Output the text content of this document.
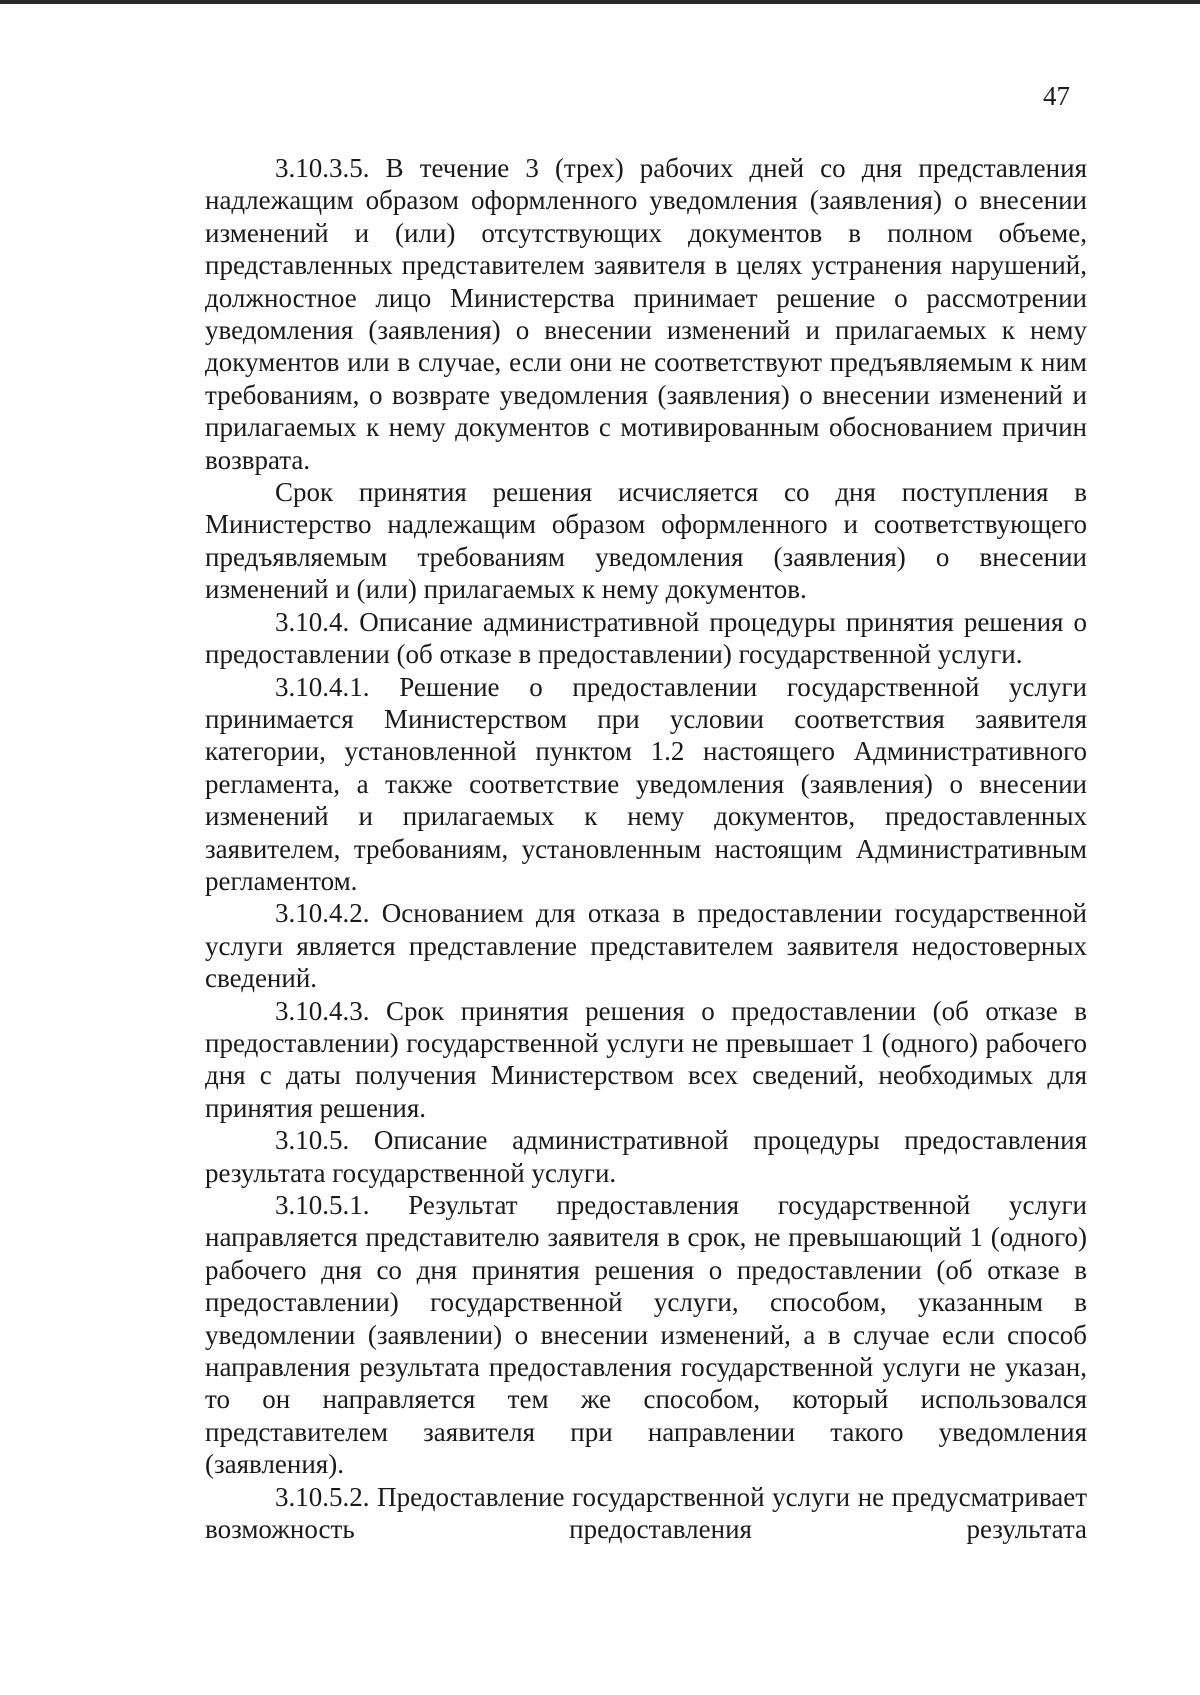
47

3.10.3.5. В течение 3 (трех) рабочих дней со дня представления надлежащим образом оформленного уведомления (заявления) о внесении изменений и (или) отсутствующих документов в полном объеме, представленных представителем заявителя в целях устранения нарушений, должностное лицо Министерства принимает решение о рассмотрении уведомления (заявления) о внесении изменений и прилагаемых к нему документов или в случае, если они не соответствуют предъявляемым к ним требованиям, о возврате уведомления (заявления) о внесении изменений и прилагаемых к нему документов с мотивированным обоснованием причин возврата.

Срок принятия решения исчисляется со дня поступления в Министерство надлежащим образом оформленного и соответствующего предъявляемым требованиям уведомления (заявления) о внесении изменений и (или) прилагаемых к нему документов.

3.10.4. Описание административной процедуры принятия решения о предоставлении (об отказе в предоставлении) государственной услуги.

3.10.4.1. Решение о предоставлении государственной услуги принимается Министерством при условии соответствия заявителя категории, установленной пунктом 1.2 настоящего Административного регламента, а также соответствие уведомления (заявления) о внесении изменений и прилагаемых к нему документов, предоставленных заявителем, требованиям, установленным настоящим Административным регламентом.

3.10.4.2. Основанием для отказа в предоставлении государственной услуги является представление представителем заявителя недостоверных сведений.

3.10.4.3. Срок принятия решения о предоставлении (об отказе в предоставлении) государственной услуги не превышает 1 (одного) рабочего дня с даты получения Министерством всех сведений, необходимых для принятия решения.

3.10.5. Описание административной процедуры предоставления результата государственной услуги.

3.10.5.1. Результат предоставления государственной услуги направляется представителю заявителя в срок, не превышающий 1 (одного) рабочего дня со дня принятия решения о предоставлении (об отказе в предоставлении) государственной услуги, способом, указанным в уведомлении (заявлении) о внесении изменений, а в случае если способ направления результата предоставления государственной услуги не указан, то он направляется тем же способом, который использовался представителем заявителя при направлении такого уведомления (заявления).

3.10.5.2. Предоставление государственной услуги не предусматривает возможность предоставления результата
